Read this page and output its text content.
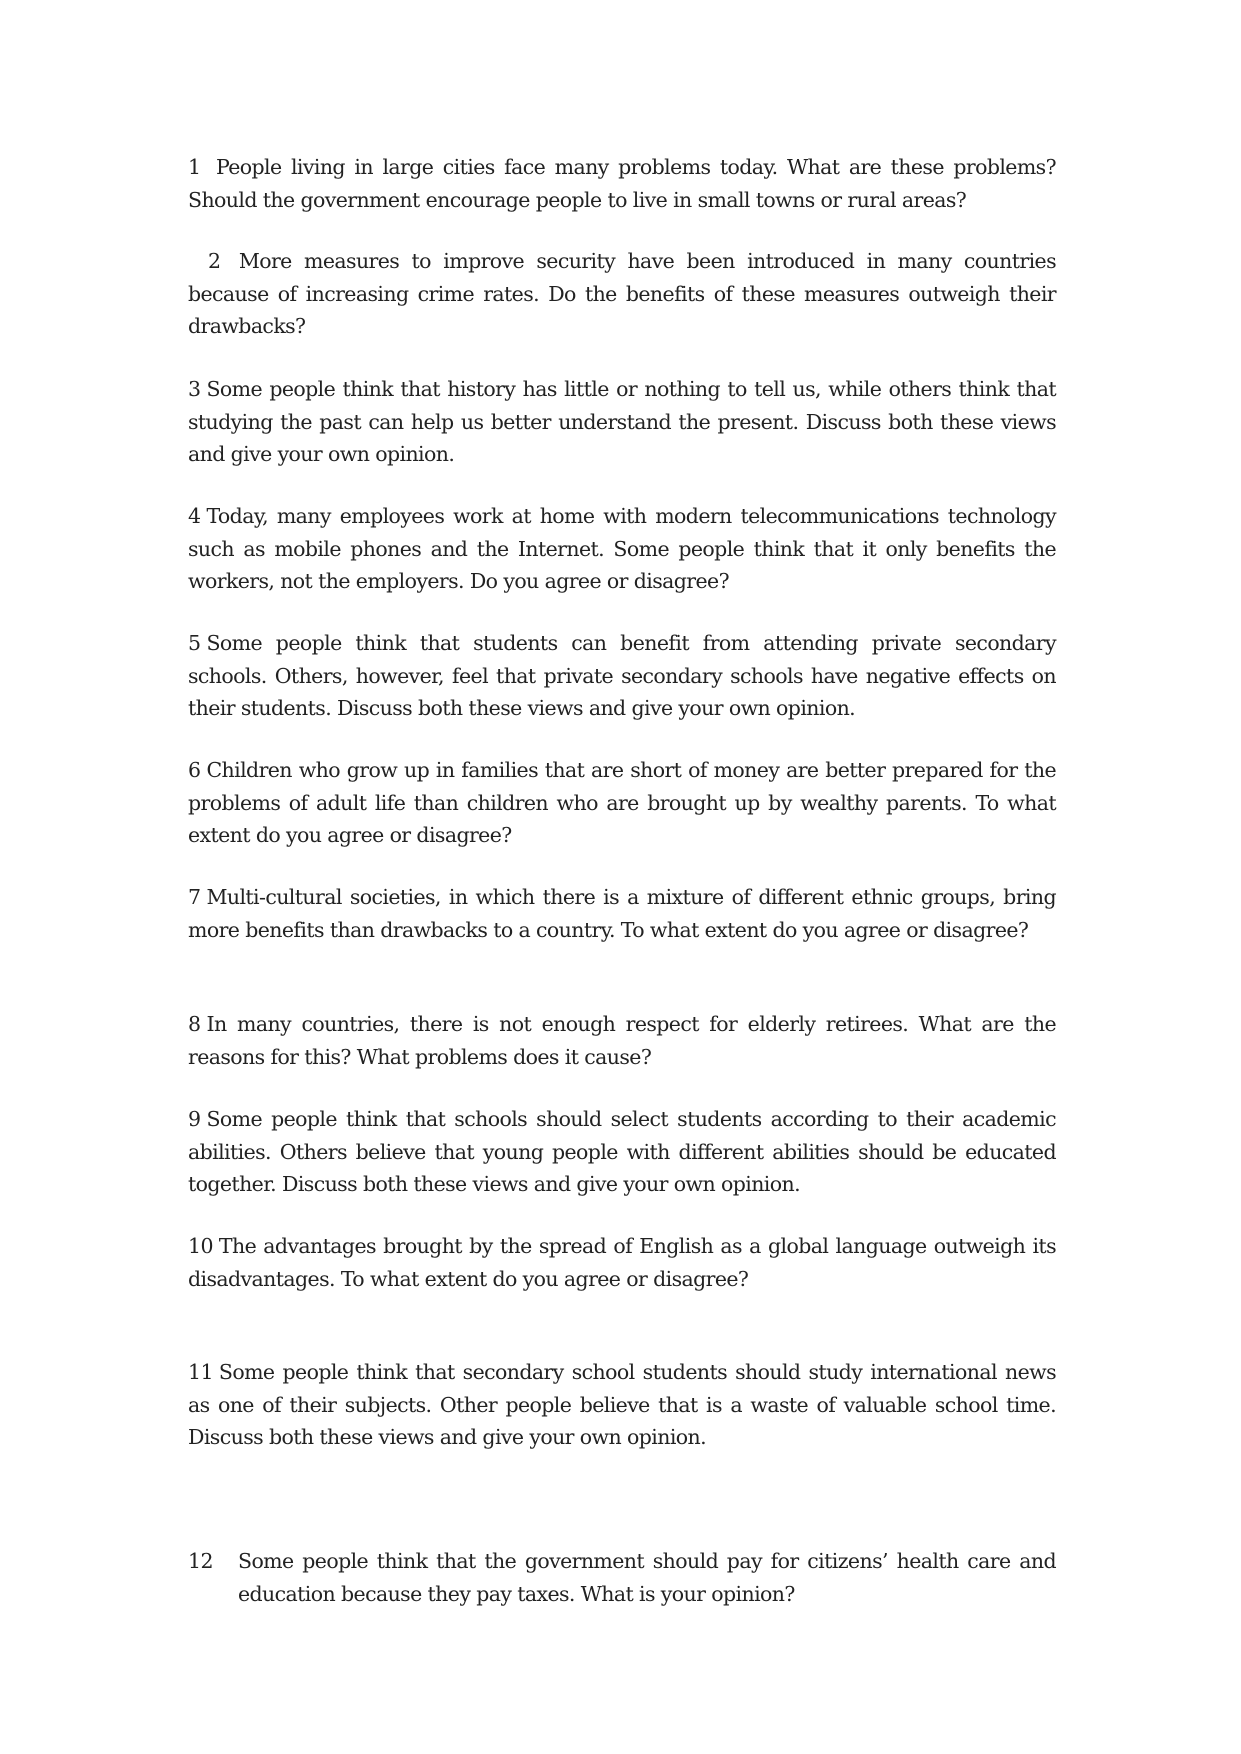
1 People living in large cities face many problems today. What are these problems? Should the government encourage people to live in small towns or rural areas?

2 More measures to improve security have been introduced in many countries because of increasing crime rates. Do the benefits of these measures outweigh their drawbacks?

3 Some people think that history has little or nothing to tell us, while others think that studying the past can help us better understand the present. Discuss both these views and give your own opinion.

4 Today, many employees work at home with modern telecommunications technology such as mobile phones and the Internet. Some people think that it only benefits the workers, not the employers. Do you agree or disagree?

5 Some people think that students can benefit from attending private secondary schools. Others, however, feel that private secondary schools have negative effects on their students. Discuss both these views and give your own opinion.

6 Children who grow up in families that are short of money are better prepared for the problems of adult life than children who are brought up by wealthy parents. To what extent do you agree or disagree?

7 Multi-cultural societies, in which there is a mixture of different ethnic groups, bring more benefits than drawbacks to a country. To what extent do you agree or disagree?

8 In many countries, there is not enough respect for elderly retirees. What are the reasons for this? What problems does it cause?

9 Some people think that schools should select students according to their academic abilities. Others believe that young people with different abilities should be educated together. Discuss both these views and give your own opinion.

10 The advantages brought by the spread of English as a global language outweigh its disadvantages. To what extent do you agree or disagree?

11 Some people think that secondary school students should study international news as one of their subjects. Other people believe that is a waste of valuable school time. Discuss both these views and give your own opinion.

12 Some people think that the government should pay for citizens’ health care and education because they pay taxes. What is your opinion?
